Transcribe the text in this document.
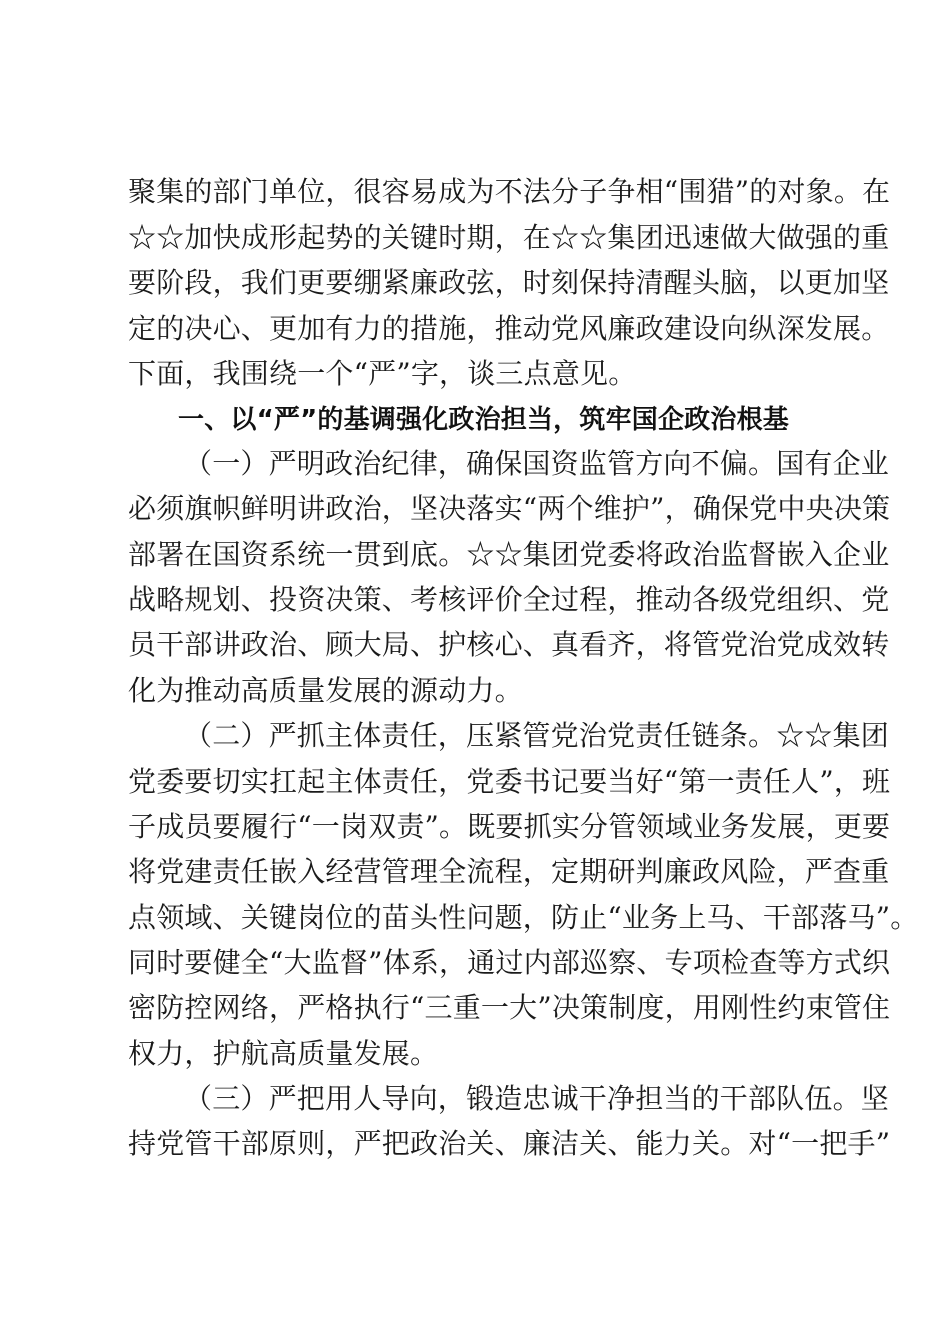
聚集的部门单位，很容易成为不法分子争相“围猎”的对象。在
☆☆加快成形起势的关键时期，在☆☆集团迅速做大做强的重
要阶段，我们更要绷紧廉政弦，时刻保持清醒头脑，以更加坚
定的决心、更加有力的措施，推动党风廉政建设向纵深发展。
下面，我围绕一个“严”字，谈三点意见。
一、以“严”的基调强化政治担当，筑牢国企政治根基
（一）严明政治纪律，确保国资监管方向不偏。国有企业
必须旗帜鲜明讲政治，坚决落实“两个维护”，确保党中央决策
部署在国资系统一贯到底。☆☆集团党委将政治监督嵌入企业
战略规划、投资决策、考核评价全过程，推动各级党组织、党
员干部讲政治、顾大局、护核心、真看齐，将管党治党成效转
化为推动高质量发展的源动力。
（二）严抓主体责任，压紧管党治党责任链条。☆☆集团
党委要切实扛起主体责任，党委书记要当好“第一责任人”，班
子成员要履行“一岗双责”。既要抓实分管领域业务发展，更要
将党建责任嵌入经营管理全流程，定期研判廉政风险，严查重
点领域、关键岗位的苗头性问题，防止“业务上马、干部落马”。
同时要健全“大监督”体系，通过内部巡察、专项检查等方式织
密防控网络，严格执行“三重一大”决策制度，用刚性约束管住
权力，护航高质量发展。
（三）严把用人导向，锻造忠诚干净担当的干部队伍。坚
持党管干部原则，严把政治关、廉洁关、能力关。对“一把手”
